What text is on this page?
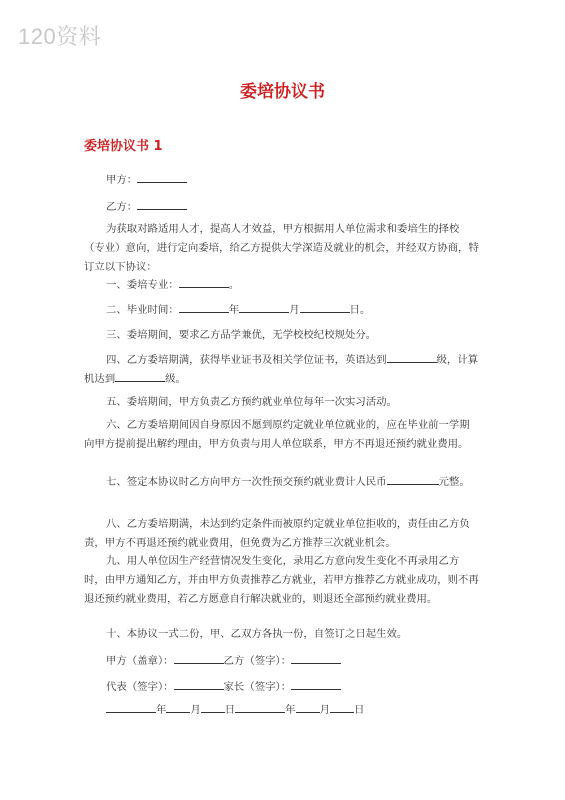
120资料
委培协议书
委培协议书 1
甲方：
乙方：
为获取对路适用人才，提高人才效益，甲方根据用人单位需求和委培生的择校（专业）意向，进行定向委培，给乙方提供大学深造及就业的机会，并经双方协商，特订立以下协议：
一、委培专业：	。
二、毕业时间：	年	月	日。
三、委培期间，要求乙方品学兼优，无学校校纪校规处分。
四、乙方委培期满，获得毕业证书及相关学位证书，英语达到	级，计算机达到	级。
五、委培期间，甲方负责乙方预约就业单位每年一次实习活动。
六、乙方委培期间因自身原因不愿到原约定就业单位就业的，应在毕业前一学期向甲方提前提出解约理由，甲方负责与用人单位联系，甲方不再退还预约就业费用。
七、签定本协议时乙方向甲方一次性预交预约就业费计人民币	元整。
八、乙方委培期满，未达到约定条件而被原约定就业单位拒收的，责任由乙方负责，甲方不再退还预约就业费用，但免费为乙方推荐三次就业机会。
九、用人单位因生产经营情况发生变化，录用乙方意向发生变化不再录用乙方时，由甲方通知乙方，并由甲方负责推荐乙方就业，若甲方推荐乙方就业成功，则不再退还预约就业费用，若乙方愿意自行解决就业的，则退还全部预约就业费用。
十、本协议一式二份，甲、乙双方各执一份，自签订之日起生效。
甲方（盖章）：	乙方（签字）：
代表（签字）：	家长（签字）：
年 月 日	年 月 日
